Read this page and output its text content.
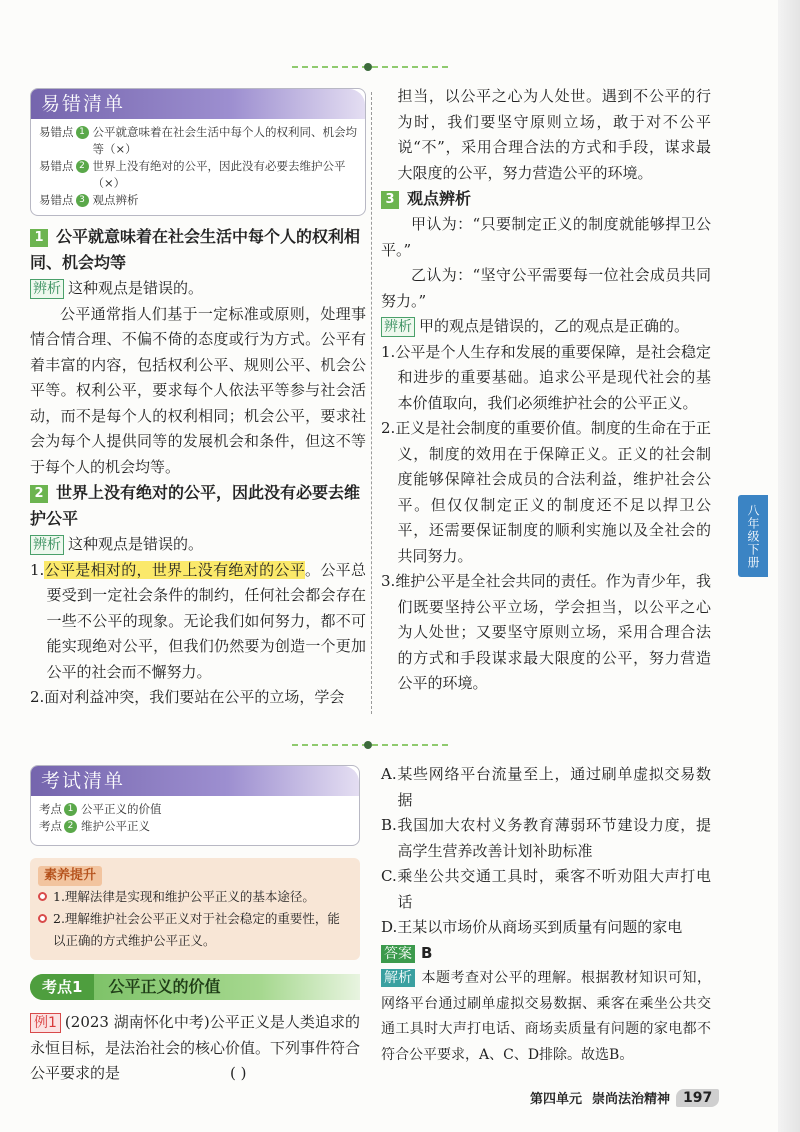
易错清单
易错点 1 公平就意味着在社会生活中每个人的权利同、机会均等（×）
易错点 2 世界上没有绝对的公平，因此没有必要去维护公平（×）
易错点 3 观点辨析
1 公平就意味着在社会生活中每个人的权利相同、机会均等
辨析 这种观点是错误的。

公平通常指人们基于一定标准或原则，处理事情合情合理、不偏不倚的态度或行为方式。公平有着丰富的内容，包括权利公平、规则公平、机会公平等。权利公平，要求每个人依法平等参与社会活动，而不是每个人的权利相同；机会公平，要求社会为每个人提供同等的发展机会和条件，但这不等于每个人的机会均等。

2 世界上没有绝对的公平，因此没有必要去维护公平
辨析 这种观点是错误的。

1.公平是相对的，世界上没有绝对的公平。公平总要受到一定社会条件的制约，任何社会都会存在一些不公平的现象。无论我们如何努力，都不可能实现绝对公平，但我们仍然要为创造一个更加公平的社会而不懈努力。

2.面对利益冲突，我们要站在公平的立场，学会

担当，以公平之心为人处世。遇到不公平的行为时，我们要坚守原则立场，敢于对不公平说“不”，采用合理合法的方式和手段，谋求最大限度的公平，努力营造公平的环境。

3 观点辨析

甲认为：“只要制定正义的制度就能够捍卫公平。”

乙认为：“坚守公平需要每一位社会成员共同努力。”

辨析 甲的观点是错误的，乙的观点是正确的。

1.公平是个人生存和发展的重要保障，是社会稳定和进步的重要基础。追求公平是现代社会的基本价值取向，我们必须维护社会的公平正义。

2.正义是社会制度的重要价值。制度的生命在于正义，制度的效用在于保障正义。正义的社会制度能够保障社会成员的合法利益，维护社会公平。但仅仅制定正义的制度还不足以捍卫公平，还需要保证制度的顺利实施以及全社会的共同努力。

3.维护公平是全社会共同的责任。作为青少年，我们既要坚持公平立场，学会担当，以公平之心为人处世；又要坚守原则立场，采用合理合法的方式和手段谋求最大限度的公平，努力营造公平的环境。

八年级下册
考试清单
考点 1 公平正义的价值
考点 2 维护公平正义
素养提升
1.理解法律是实现和维护公平正义的基本途径。
2.理解维护社会公平正义对于社会稳定的重要性，能以正确的方式维护公平正义。
考点1	公平正义的价值

例1 (2023 湖南怀化中考)公平正义是人类追求的永恒目标，是法治社会的核心价值。下列事件符合公平要求的是	( )

A.某些网络平台流量至上，通过刷单虚拟交易数据

B.我国加大农村义务教育薄弱环节建设力度，提高学生营养改善计划补助标准

C.乘坐公共交通工具时，乘客不听劝阻大声打电话

D.王某以市场价从商场买到质量有问题的家电

答案 B

解析 本题考查对公平的理解。根据教材知识可知，网络平台通过刷单虚拟交易数据、乘客在乘坐公共交通工具时大声打电话、商场卖质量有问题的家电都不符合公平要求，A、C、D排除。故选B。

第四单元 崇尚法治精神 197
